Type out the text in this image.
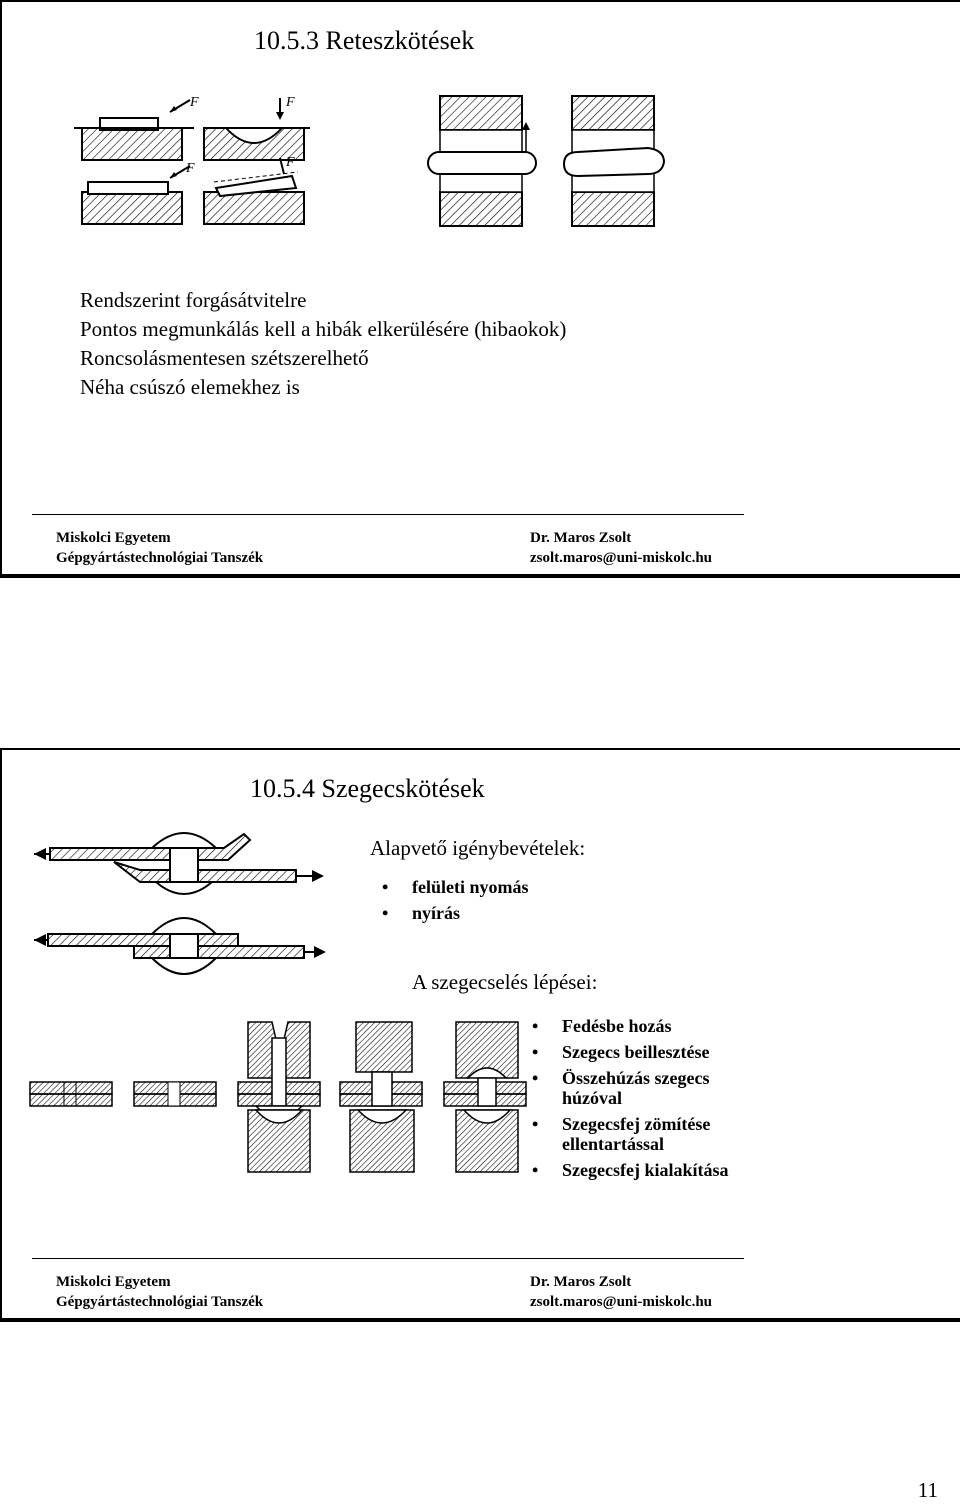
10.5.3 Reteszkötések
F	F
F	F
Rendszerint forgásátvitelre
Pontos megmunkálás kell a hibák elkerülésére (hibaokok)
Roncsolásmentesen szétszerelhető
Néha csúszó elemekhez is
Miskolci Egyetem
Gépgyártástechnológiai Tanszék
Dr. Maros Zsolt
zsolt.maros@uni-miskolc.hu
10.5.4 Szegecskötések
Alapvető igénybevételek:
• felületi nyomás
• nyírás
A szegecselés lépései:
• Fedésbe hozás
• Szegecs beillesztése
• Összehúzás szegecs húzóval
• Szegecsfej zömítése ellentartással
• Szegecsfej kialakítása
Miskolci Egyetem
Gépgyártástechnológiai Tanszék
Dr. Maros Zsolt
zsolt.maros@uni-miskolc.hu
11
